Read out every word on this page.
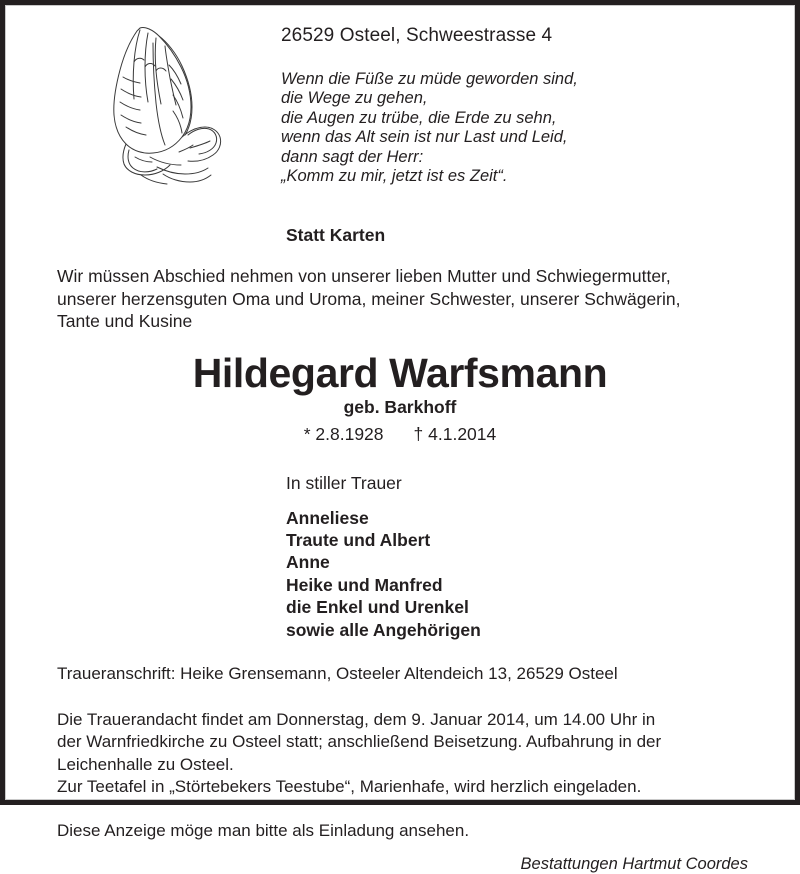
26529 Osteel, Schweestrasse 4
Wenn die Füße zu müde geworden sind,
die Wege zu gehen,
die Augen zu trübe, die Erde zu sehn,
wenn das Alt sein ist nur Last und Leid,
dann sagt der Herr:
„Komm zu mir, jetzt ist es Zeit“.
Statt Karten
Wir müssen Abschied nehmen von unserer lieben Mutter und Schwiegermutter,
unserer herzensguten Oma und Uroma, meiner Schwester, unserer Schwägerin,
Tante und Kusine
Hildegard Warfsmann
geb. Barkhoff
* 2.8.1928 † 4.1.2014
In stiller Trauer
Anneliese
Traute und Albert
Anne
Heike und Manfred
die Enkel und Urenkel
sowie alle Angehörigen
Traueranschrift: Heike Grensemann, Osteeler Altendeich 13, 26529 Osteel
Die Trauerandacht findet am Donnerstag, dem 9. Januar 2014, um 14.00 Uhr in
der Warnfriedkirche zu Osteel statt; anschließend Beisetzung. Aufbahrung in der
Leichenhalle zu Osteel.
Zur Teetafel in „Störtebekers Teestube“, Marienhafe, wird herzlich eingeladen.
Diese Anzeige möge man bitte als Einladung ansehen.
Bestattungen Hartmut Coordes
